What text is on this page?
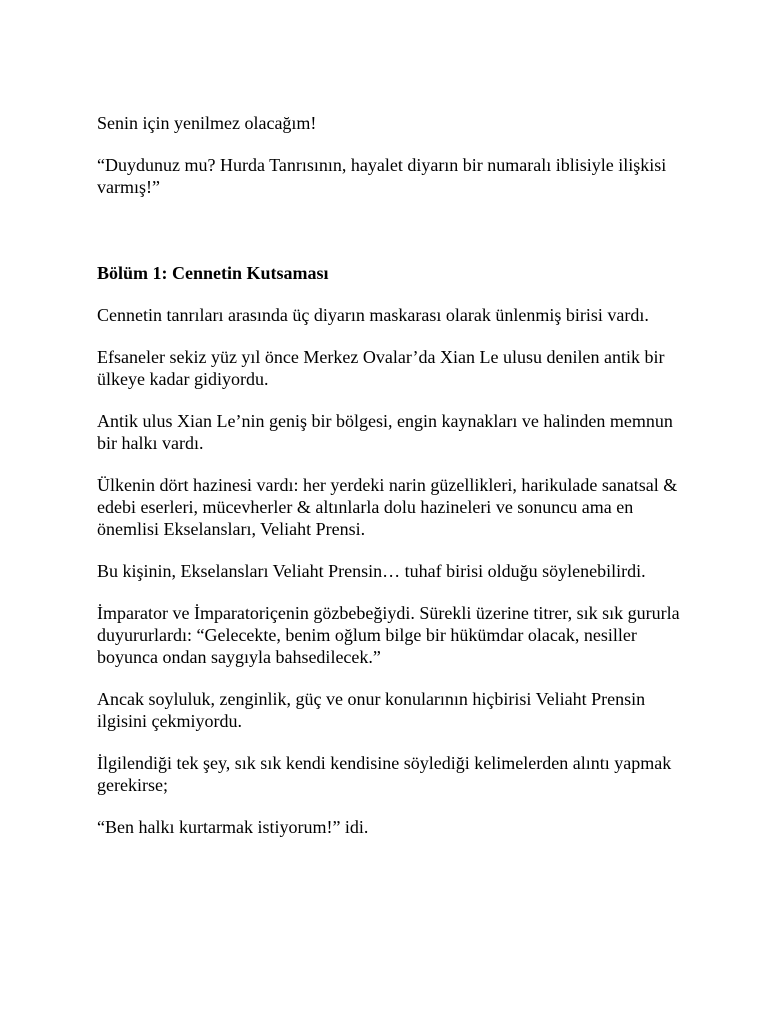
Senin için yenilmez olacağım!

“Duydunuz mu? Hurda Tanrısının, hayalet diyarın bir numaralı iblisiyle ilişkisi varmış!”

Bölüm 1: Cennetin Kutsaması

Cennetin tanrıları arasında üç diyarın maskarası olarak ünlenmiş birisi vardı.

Efsaneler sekiz yüz yıl önce Merkez Ovalar’da Xian Le ulusu denilen antik bir ülkeye kadar gidiyordu.

Antik ulus Xian Le’nin geniş bir bölgesi, engin kaynakları ve halinden memnun bir halkı vardı.

Ülkenin dört hazinesi vardı: her yerdeki narin güzellikleri, harikulade sanatsal & edebi eserleri, mücevherler & altınlarla dolu hazineleri ve sonuncu ama en önemlisi Ekselansları, Veliaht Prensi.

Bu kişinin, Ekselansları Veliaht Prensin… tuhaf birisi olduğu söylenebilirdi.

İmparator ve İmparatoriçenin gözbebeğiydi. Sürekli üzerine titrer, sık sık gururla duyururlardı: “Gelecekte, benim oğlum bilge bir hükümdar olacak, nesiller boyunca ondan saygıyla bahsedilecek.”

Ancak soyluluk, zenginlik, güç ve onur konularının hiçbirisi Veliaht Prensin ilgisini çekmiyordu.

İlgilendiği tek şey, sık sık kendi kendisine söylediği kelimelerden alıntı yapmak gerekirse;

“Ben halkı kurtarmak istiyorum!” idi.
